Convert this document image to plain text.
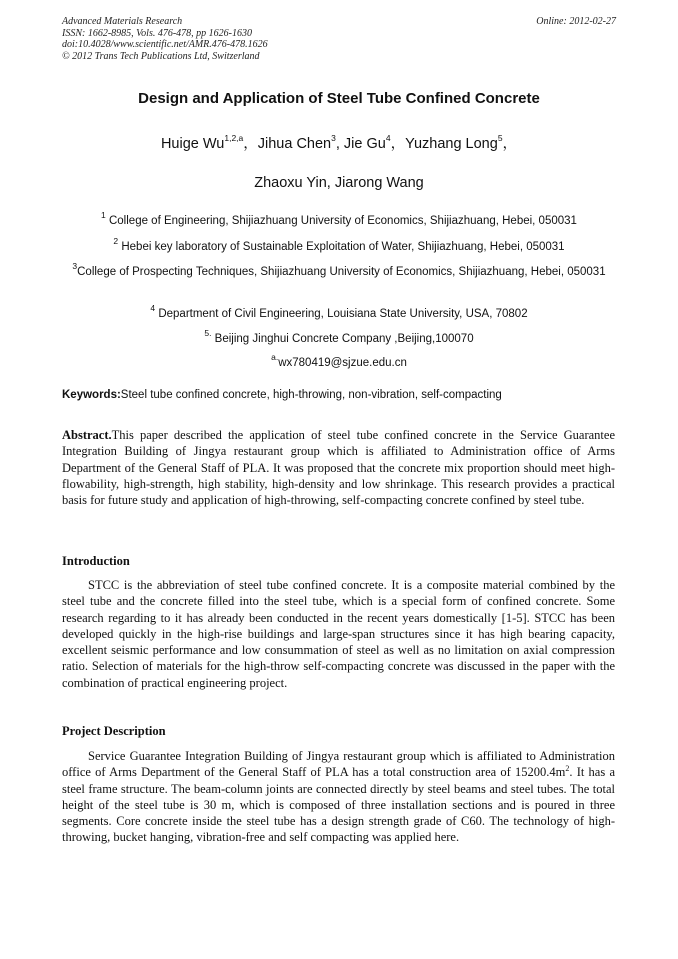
Advanced Materials Research
ISSN: 1662-8985, Vols. 476-478, pp 1626-1630
doi:10.4028/www.scientific.net/AMR.476-478.1626
© 2012 Trans Tech Publications Ltd, Switzerland
Online: 2012-02-27
Design and Application of Steel Tube Confined Concrete
Huige Wu$^{1,2,a}$，Jihua Chen$^3$, Jie Gu$^4$，Yuzhang Long$^5$，
Zhaoxu Yin, Jiarong Wang
$^1$ College of Engineering, Shijiazhuang University of Economics, Shijiazhuang, Hebei, 050031
$^2$ Hebei key laboratory of Sustainable Exploitation of Water, Shijiazhuang, Hebei, 050031
$^3$College of Prospecting Techniques, Shijiazhuang University of Economics, Shijiazhuang, Hebei, 050031
$^4$ Department of Civil Engineering, Louisiana State University, USA, 70802
$^{5.}$ Beijing Jinghui Concrete Company ,Beijing,100070
$^{a.}$wx780419@sjzue.edu.cn
Keywords:Steel tube confined concrete, high-throwing, non-vibration, self-compacting
Abstract.This paper described the application of steel tube confined concrete in the Service Guarantee Integration Building of Jingya restaurant group which is affiliated to Administration office of Arms Department of the General Staff of PLA. It was proposed that the concrete mix proportion should meet high-flowability, high-strength, high stability, high-density and low shrinkage. This research provides a practical basis for future study and application of high-throwing, self-compacting concrete confined by steel tube.
Introduction
STCC is the abbreviation of steel tube confined concrete. It is a composite material combined by the steel tube and the concrete filled into the steel tube, which is a special form of confined concrete. Some research regarding to it has already been conducted in the recent years domestically [1-5]. STCC has been developed quickly in the high-rise buildings and large-span structures since it has high bearing capacity, excellent seismic performance and low consummation of steel as well as no limitation on axial compression ratio. Selection of materials for the high-throw self-compacting concrete was discussed in the paper with the combination of practical engineering project.
Project Description
Service Guarantee Integration Building of Jingya restaurant group which is affiliated to Administration office of Arms Department of the General Staff of PLA has a total construction area of $15200.4m^2$. It has a steel frame structure. The beam-column joints are connected directly by steel beams and steel tubes. The total height of the steel tube is 30 m, which is composed of three installation sections and is poured in three segments. Core concrete inside the steel tube has a design strength grade of C60. The technology of high-throwing, bucket hanging, vibration-free and self compacting was applied here.
